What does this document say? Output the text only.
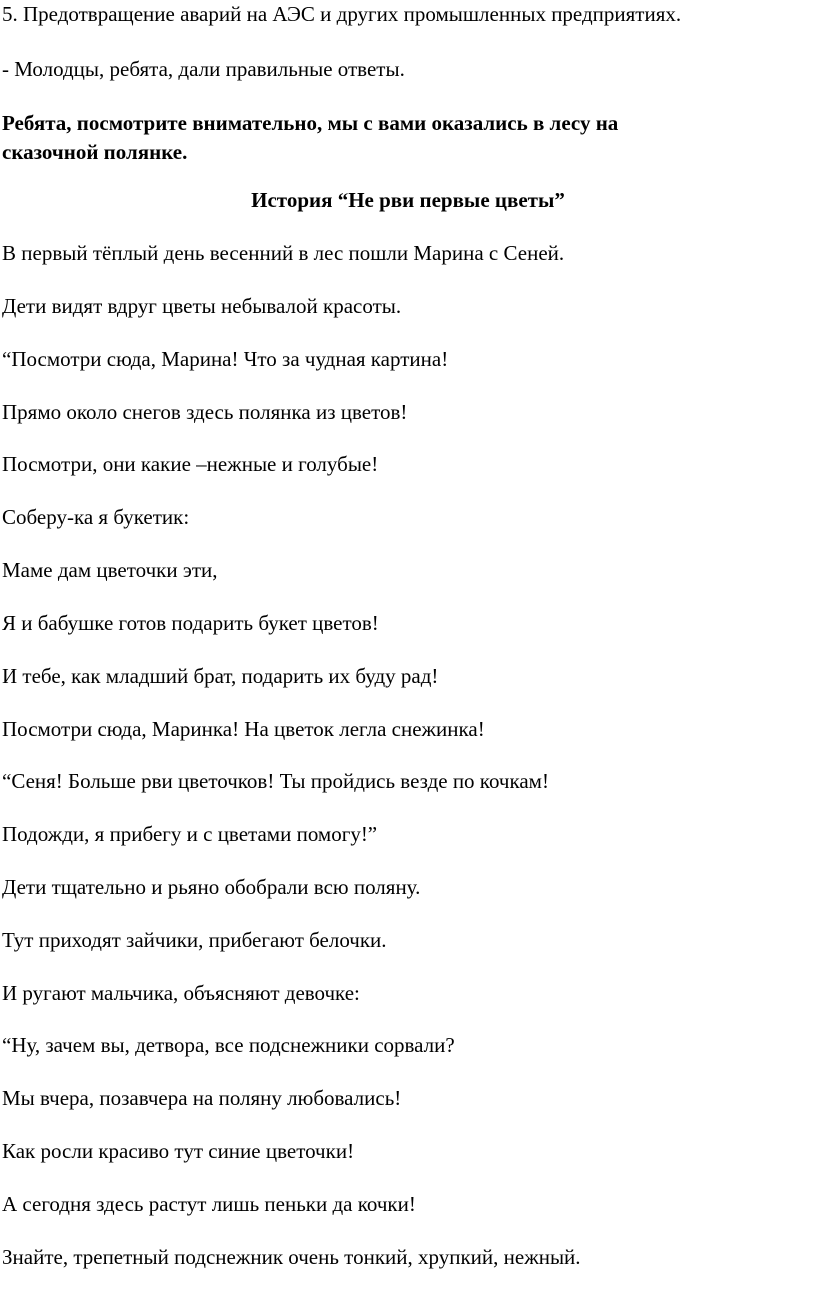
5. Предотвращение аварий на АЭС и других промышленных предприятиях.

- Молодцы, ребята, дали правильные ответы.

Ребята, посмотрите внимательно, мы с вами оказались в лесу на

сказочной полянке.

История “Не рви первые цветы”

В первый тёплый день весенний в лес пошли Марина с Сеней.

Дети видят вдруг цветы небывалой красоты.

“Посмотри сюда, Марина! Что за чудная картина!

Прямо около снегов здесь полянка из цветов!

Посмотри, они какие –нежные и голубые!

Соберу-ка я букетик:

Маме дам цветочки эти,

Я и бабушке готов подарить букет цветов!

И тебе, как младший брат, подарить их буду рад!

Посмотри сюда, Маринка! На цветок легла снежинка!

“Сеня! Больше рви цветочков! Ты пройдись везде по кочкам!

Подожди, я прибегу и с цветами помогу!”

Дети тщательно и рьяно обобрали всю поляну.

Тут приходят зайчики, прибегают белочки.

И ругают мальчика, объясняют девочке:

“Ну, зачем вы, детвора, все подснежники сорвали?

Мы вчера, позавчера на поляну любовались!

Как росли красиво тут синие цветочки!

А сегодня здесь растут лишь пеньки да кочки!

Знайте, трепетный подснежник очень тонкий, хрупкий, нежный.
